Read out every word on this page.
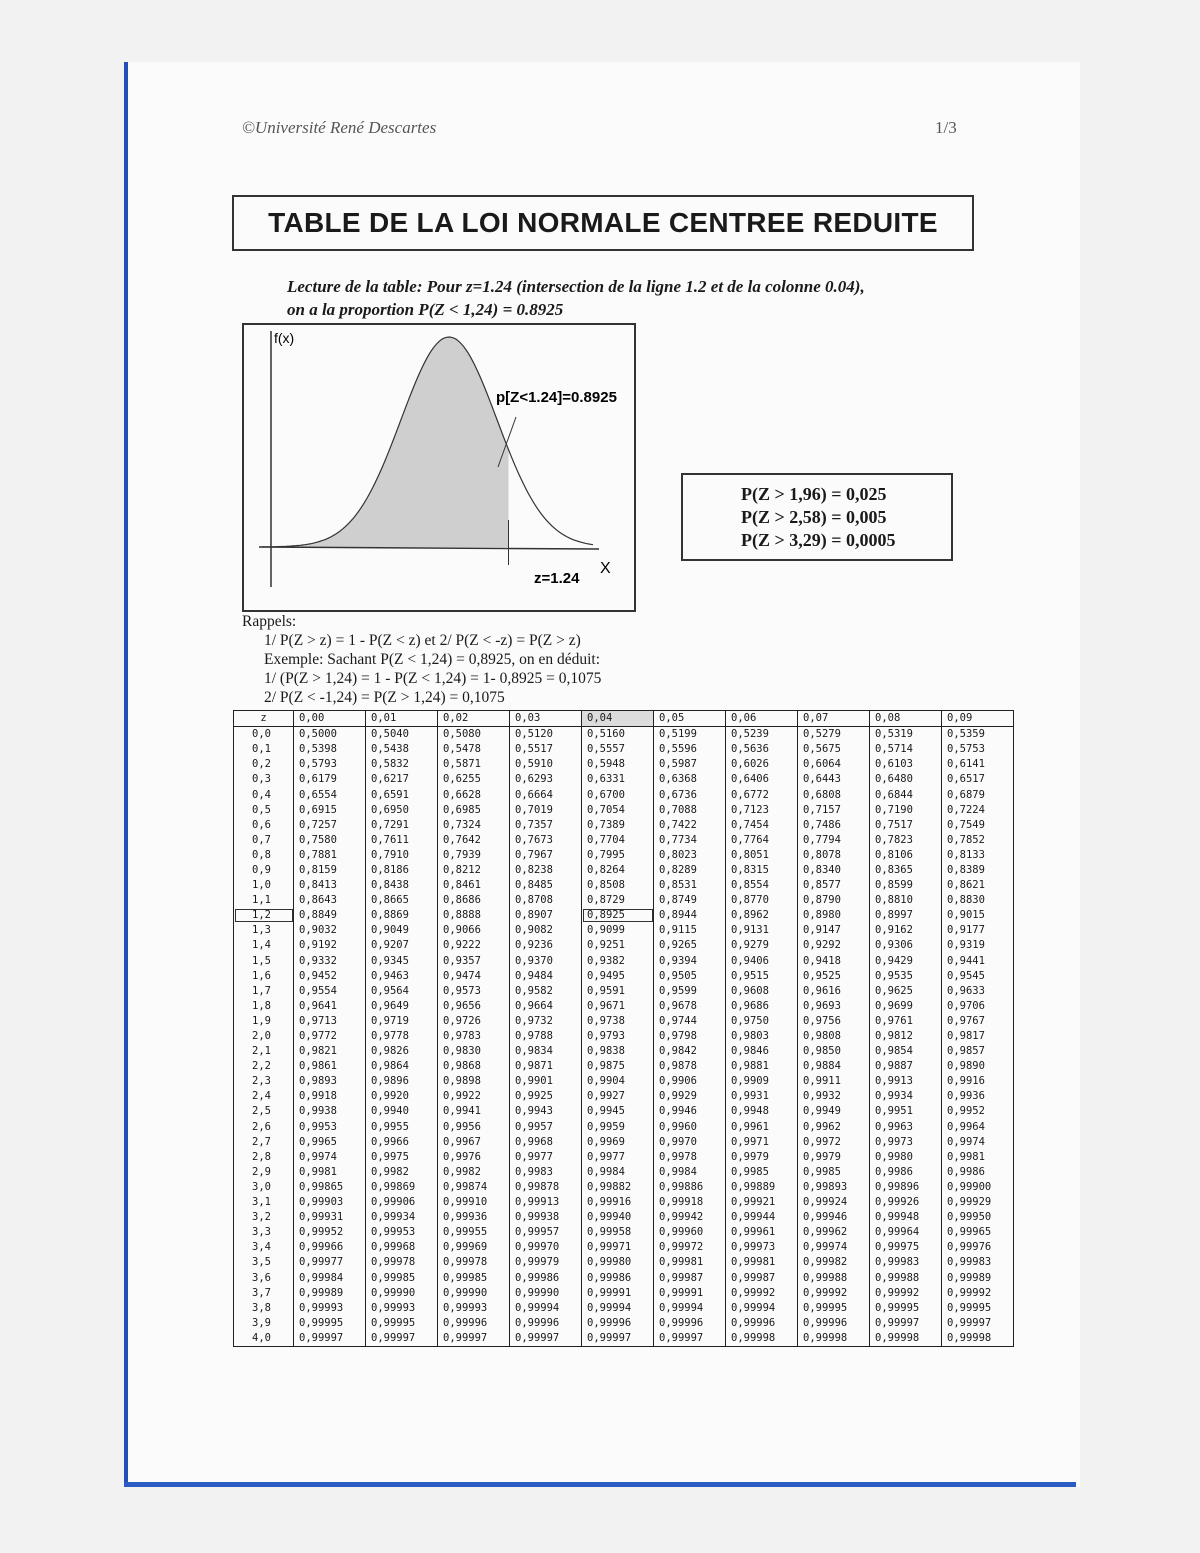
©Université René Descartes	1/3
TABLE DE LA LOI NORMALE CENTREE REDUITE
Lecture de la table: Pour z=1.24 (intersection de la ligne 1.2 et de la colonne 0.04),
on a la proportion P(Z < 1,24) = 0.8925
f(x)
p[Z<1.24]=0.8925
z=1.24
X
P(Z > 1,96) = 0,025
P(Z > 2,58) = 0,005
P(Z > 3,29) = 0,0005
Rappels:
1/ P(Z > z) = 1 - P(Z < z) et 2/ P(Z < -z) = P(Z > z)
Exemple: Sachant P(Z < 1,24) = 0,8925, on en déduit:
1/ (P(Z > 1,24) = 1 - P(Z < 1,24) = 1- 0,8925 = 0,1075
2/ P(Z < -1,24) = P(Z > 1,24) = 0,1075
z	0,00	0,01	0,02	0,03	0,04	0,05	0,06	0,07	0,08	0,09
0,0	0,5000	0,5040	0,5080	0,5120	0,5160	0,5199	0,5239	0,5279	0,5319	0,5359
0,1	0,5398	0,5438	0,5478	0,5517	0,5557	0,5596	0,5636	0,5675	0,5714	0,5753
0,2	0,5793	0,5832	0,5871	0,5910	0,5948	0,5987	0,6026	0,6064	0,6103	0,6141
0,3	0,6179	0,6217	0,6255	0,6293	0,6331	0,6368	0,6406	0,6443	0,6480	0,6517
0,4	0,6554	0,6591	0,6628	0,6664	0,6700	0,6736	0,6772	0,6808	0,6844	0,6879
0,5	0,6915	0,6950	0,6985	0,7019	0,7054	0,7088	0,7123	0,7157	0,7190	0,7224
0,6	0,7257	0,7291	0,7324	0,7357	0,7389	0,7422	0,7454	0,7486	0,7517	0,7549
0,7	0,7580	0,7611	0,7642	0,7673	0,7704	0,7734	0,7764	0,7794	0,7823	0,7852
0,8	0,7881	0,7910	0,7939	0,7967	0,7995	0,8023	0,8051	0,8078	0,8106	0,8133
0,9	0,8159	0,8186	0,8212	0,8238	0,8264	0,8289	0,8315	0,8340	0,8365	0,8389
1,0	0,8413	0,8438	0,8461	0,8485	0,8508	0,8531	0,8554	0,8577	0,8599	0,8621
1,1	0,8643	0,8665	0,8686	0,8708	0,8729	0,8749	0,8770	0,8790	0,8810	0,8830
1,2	0,8849	0,8869	0,8888	0,8907	0,8925	0,8944	0,8962	0,8980	0,8997	0,9015
1,3	0,9032	0,9049	0,9066	0,9082	0,9099	0,9115	0,9131	0,9147	0,9162	0,9177
1,4	0,9192	0,9207	0,9222	0,9236	0,9251	0,9265	0,9279	0,9292	0,9306	0,9319
1,5	0,9332	0,9345	0,9357	0,9370	0,9382	0,9394	0,9406	0,9418	0,9429	0,9441
1,6	0,9452	0,9463	0,9474	0,9484	0,9495	0,9505	0,9515	0,9525	0,9535	0,9545
1,7	0,9554	0,9564	0,9573	0,9582	0,9591	0,9599	0,9608	0,9616	0,9625	0,9633
1,8	0,9641	0,9649	0,9656	0,9664	0,9671	0,9678	0,9686	0,9693	0,9699	0,9706
1,9	0,9713	0,9719	0,9726	0,9732	0,9738	0,9744	0,9750	0,9756	0,9761	0,9767
2,0	0,9772	0,9778	0,9783	0,9788	0,9793	0,9798	0,9803	0,9808	0,9812	0,9817
2,1	0,9821	0,9826	0,9830	0,9834	0,9838	0,9842	0,9846	0,9850	0,9854	0,9857
2,2	0,9861	0,9864	0,9868	0,9871	0,9875	0,9878	0,9881	0,9884	0,9887	0,9890
2,3	0,9893	0,9896	0,9898	0,9901	0,9904	0,9906	0,9909	0,9911	0,9913	0,9916
2,4	0,9918	0,9920	0,9922	0,9925	0,9927	0,9929	0,9931	0,9932	0,9934	0,9936
2,5	0,9938	0,9940	0,9941	0,9943	0,9945	0,9946	0,9948	0,9949	0,9951	0,9952
2,6	0,9953	0,9955	0,9956	0,9957	0,9959	0,9960	0,9961	0,9962	0,9963	0,9964
2,7	0,9965	0,9966	0,9967	0,9968	0,9969	0,9970	0,9971	0,9972	0,9973	0,9974
2,8	0,9974	0,9975	0,9976	0,9977	0,9977	0,9978	0,9979	0,9979	0,9980	0,9981
2,9	0,9981	0,9982	0,9982	0,9983	0,9984	0,9984	0,9985	0,9985	0,9986	0,9986
3,0	0,99865	0,99869	0,99874	0,99878	0,99882	0,99886	0,99889	0,99893	0,99896	0,99900
3,1	0,99903	0,99906	0,99910	0,99913	0,99916	0,99918	0,99921	0,99924	0,99926	0,99929
3,2	0,99931	0,99934	0,99936	0,99938	0,99940	0,99942	0,99944	0,99946	0,99948	0,99950
3,3	0,99952	0,99953	0,99955	0,99957	0,99958	0,99960	0,99961	0,99962	0,99964	0,99965
3,4	0,99966	0,99968	0,99969	0,99970	0,99971	0,99972	0,99973	0,99974	0,99975	0,99976
3,5	0,99977	0,99978	0,99978	0,99979	0,99980	0,99981	0,99981	0,99982	0,99983	0,99983
3,6	0,99984	0,99985	0,99985	0,99986	0,99986	0,99987	0,99987	0,99988	0,99988	0,99989
3,7	0,99989	0,99990	0,99990	0,99990	0,99991	0,99991	0,99992	0,99992	0,99992	0,99992
3,8	0,99993	0,99993	0,99993	0,99994	0,99994	0,99994	0,99994	0,99995	0,99995	0,99995
3,9	0,99995	0,99995	0,99996	0,99996	0,99996	0,99996	0,99996	0,99996	0,99997	0,99997
4,0	0,99997	0,99997	0,99997	0,99997	0,99997	0,99997	0,99998	0,99998	0,99998	0,99998
